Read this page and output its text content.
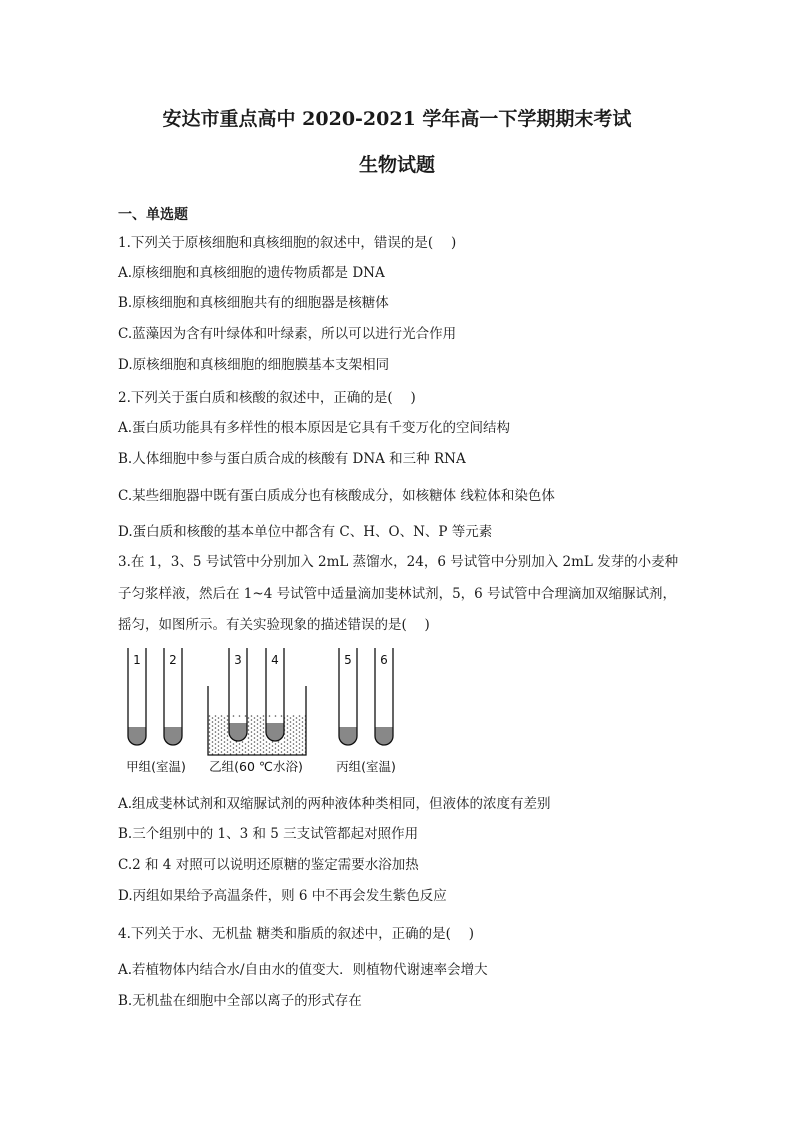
安达市重点高中 2020-2021 学年高一下学期期末考试
生物试题
一、单选题
1.下列关于原核细胞和真核细胞的叙述中，错误的是(　 )
A.原核细胞和真核细胞的遗传物质都是 DNA
B.原核细胞和真核细胞共有的细胞器是核糖体
C.蓝藻因为含有叶绿体和叶绿素，所以可以进行光合作用
D.原核细胞和真核细胞的细胞膜基本支架相同
2.下列关于蛋白质和核酸的叙述中，正确的是(　 )
A.蛋白质功能具有多样性的根本原因是它具有千变万化的空间结构
B.人体细胞中参与蛋白质合成的核酸有 DNA 和三种 RNA
C.某些细胞器中既有蛋白质成分也有核酸成分，如核糖体 线粒体和染色体
D.蛋白质和核酸的基本单位中都含有 C、H、O、N、P 等元素
3.在 1，3、5 号试管中分别加入 2mL 蒸馏水，24，6 号试管中分别加入 2mL 发芽的小麦种
子匀浆样液，然后在 1~4 号试管中适量滴加斐林试剂，5，6 号试管中合理滴加双缩脲试剂，
摇匀，如图所示。有关实验现象的描述错误的是(　 )
1 2	3 4	5 6
甲组(室温) 乙组(60 ℃水浴)	丙组(室温)
A.组成斐林试剂和双缩脲试剂的两种液体种类相同，但液体的浓度有差别
B.三个组别中的 1、3 和 5 三支试管都起对照作用
C.2 和 4 对照可以说明还原糖的鉴定需要水浴加热
D.丙组如果给予高温条件，则 6 中不再会发生紫色反应
4.下列关于水、无机盐 糖类和脂质的叙述中，正确的是(　 )
A.若植物体内结合水/自由水的值变大．则植物代谢速率会增大
B.无机盐在细胞中全部以离子的形式存在
